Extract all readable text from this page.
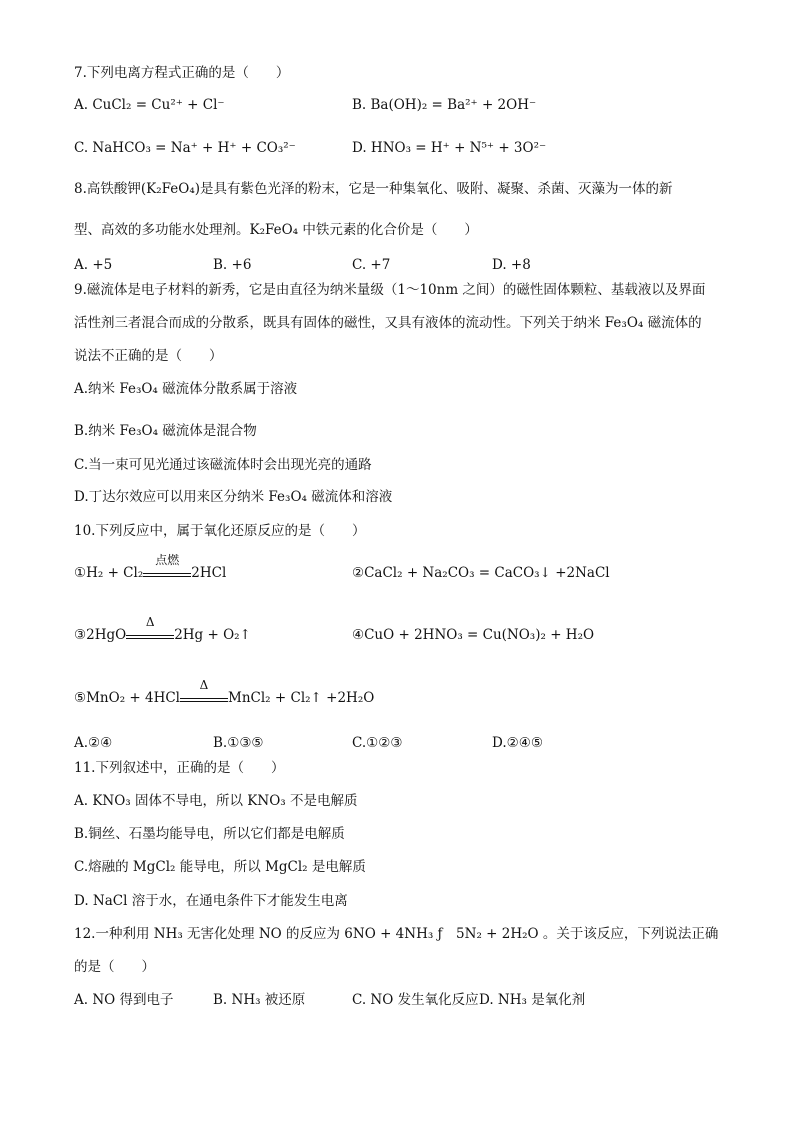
7.下列电离方程式正确的是（　　）
A. CuCl₂ = Cu²⁺ + Cl⁻	B. Ba(OH)₂ = Ba²⁺ + 2OH⁻
C. NaHCO₃ = Na⁺ + H⁺ + CO₃²⁻	D. HNO₃ = H⁺ + N⁵⁺ + 3O²⁻
8.高铁酸钾(K₂FeO₄)是具有紫色光泽的粉末，它是一种集氧化、吸附、凝聚、杀菌、灭藻为一体的新
型、高效的多功能水处理剂。K₂FeO₄ 中铁元素的化合价是（　　）
A. +5	B. +6	C. +7	D. +8
9.磁流体是电子材料的新秀，它是由直径为纳米量级（1～10nm 之间）的磁性固体颗粒、基载液以及界面
活性剂三者混合而成的分散系，既具有固体的磁性，又具有液体的流动性。下列关于纳米 Fe₃O₄ 磁流体的
说法不正确的是（　　）
A.纳米 Fe₃O₄ 磁流体分散系属于溶液
B.纳米 Fe₃O₄ 磁流体是混合物
C.当一束可见光通过该磁流体时会出现光亮的通路
D.丁达尔效应可以用来区分纳米 Fe₃O₄ 磁流体和溶液
10.下列反应中，属于氧化还原反应的是（　　）
①H₂ + Cl₂
点燃
2HCl	②CaCl₂ + Na₂CO₃ = CaCO₃↓ +2NaCl
③2HgO
Δ
2Hg + O₂↑	④CuO + 2HNO₃ = Cu(NO₃)₂ + H₂O
⑤MnO₂ + 4HCl
Δ
MnCl₂ + Cl₂↑ +2H₂O
A.②④	B.①③⑤	C.①②③	D.②④⑤
11.下列叙述中，正确的是（　　）
A. KNO₃ 固体不导电，所以 KNO₃ 不是电解质
B.铜丝、石墨均能导电，所以它们都是电解质
C.熔融的 MgCl₂ 能导电，所以 MgCl₂ 是电解质
D. NaCl 溶于水，在通电条件下才能发生电离
12.一种利用 NH₃ 无害化处理 NO 的反应为 6NO + 4NH₃ ƒ　5N₂ + 2H₂O 。关于该反应，下列说法正确
的是（　　）
A. NO 得到电子	B. NH₃ 被还原	C. NO 发生氧化反应 D. NH₃ 是氧化剂
